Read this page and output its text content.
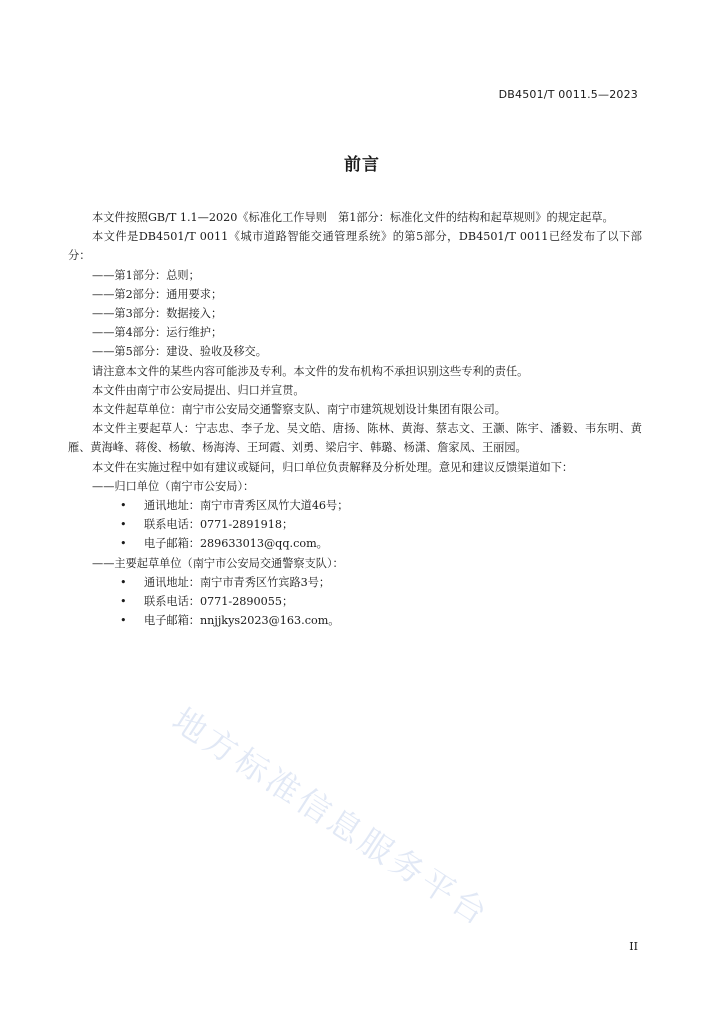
DB4501/T 0011.5—2023
前言

本文件按照GB/T 1.1—2020《标准化工作导则　第1部分：标准化文件的结构和起草规则》的规定起草。

本文件是DB4501/T 0011《城市道路智能交通管理系统》的第5部分，DB4501/T 0011已经发布了以下部分：

——第1部分：总则；

——第2部分：通用要求；

——第3部分：数据接入；

——第4部分：运行维护；

——第5部分：建设、验收及移交。

请注意本文件的某些内容可能涉及专利。本文件的发布机构不承担识别这些专利的责任。

本文件由南宁市公安局提出、归口并宣贯。

本文件起草单位：南宁市公安局交通警察支队、南宁市建筑规划设计集团有限公司。

本文件主要起草人：宁志忠、李子龙、吴文皓、唐扬、陈林、黄海、蔡志文、王灏、陈宇、潘毅、韦东明、黄雁、黄海峰、蒋俊、杨敏、杨海涛、王珂霞、刘勇、梁启宇、韩璐、杨潇、詹家凤、王丽园。

本文件在实施过程中如有建议或疑问，归口单位负责解释及分析处理。意见和建议反馈渠道如下：

——归口单位（南宁市公安局）：

•	通讯地址：南宁市青秀区凤竹大道46号；

•	联系电话：0771-2891918；

•	电子邮箱：289633013@qq.com。

——主要起草单位（南宁市公安局交通警察支队）：

•	通讯地址：南宁市青秀区竹宾路3号；

•	联系电话：0771-2890055；

•	电子邮箱：nnjjkys2023@163.com。

地方标准信息服务平台
II
